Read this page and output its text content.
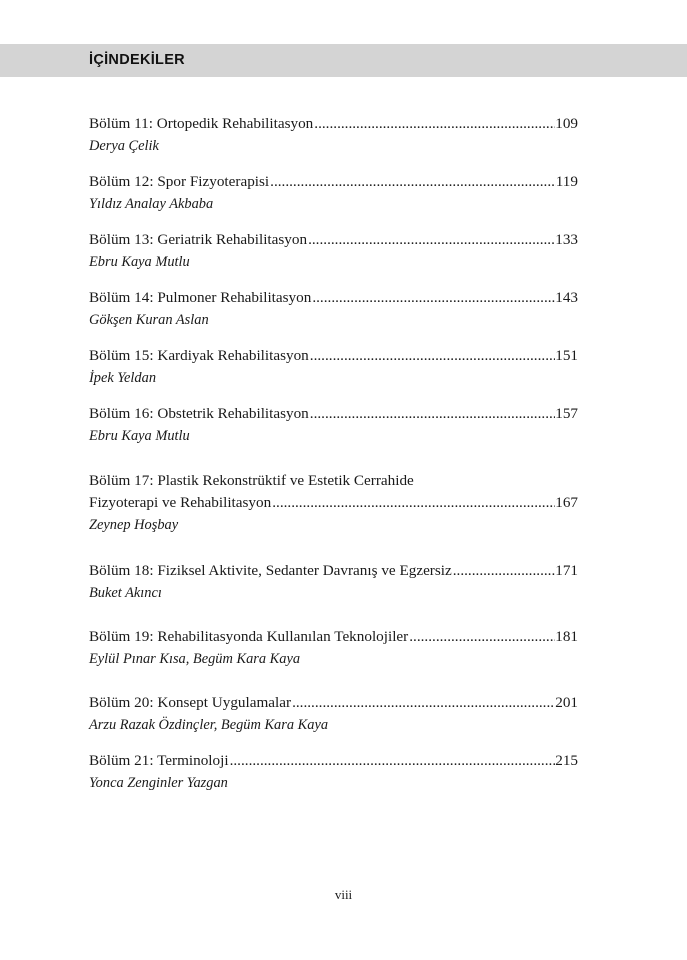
İÇİNDEKİLER
Bölüm 11: Ortopedik Rehabilitasyon .....	109
Derya Çelik
Bölüm 12: Spor Fizyoterapisi .....	119
Yıldız Analay Akbaba
Bölüm 13: Geriatrik Rehabilitasyon .....	133
Ebru Kaya Mutlu
Bölüm 14: Pulmoner Rehabilitasyon .....	143
Gökşen Kuran Aslan
Bölüm 15: Kardiyak Rehabilitasyon .....	151
İpek Yeldan
Bölüm 16: Obstetrik Rehabilitasyon .....	157
Ebru Kaya Mutlu
Bölüm 17: Plastik Rekonstrüktif ve Estetik Cerrahide
Fizyoterapi ve Rehabilitasyon .....	167
Zeynep Hoşbay
Bölüm 18: Fiziksel Aktivite, Sedanter Davranış ve Egzersiz .....	171
Buket Akıncı
Bölüm 19: Rehabilitasyonda Kullanılan Teknolojiler .....	181
Eylül Pınar Kısa, Begüm Kara Kaya
Bölüm 20: Konsept Uygulamalar .....	201
Arzu Razak Özdinçler, Begüm Kara Kaya
Bölüm 21: Terminoloji .....	215
Yonca Zenginler Yazgan
viii
